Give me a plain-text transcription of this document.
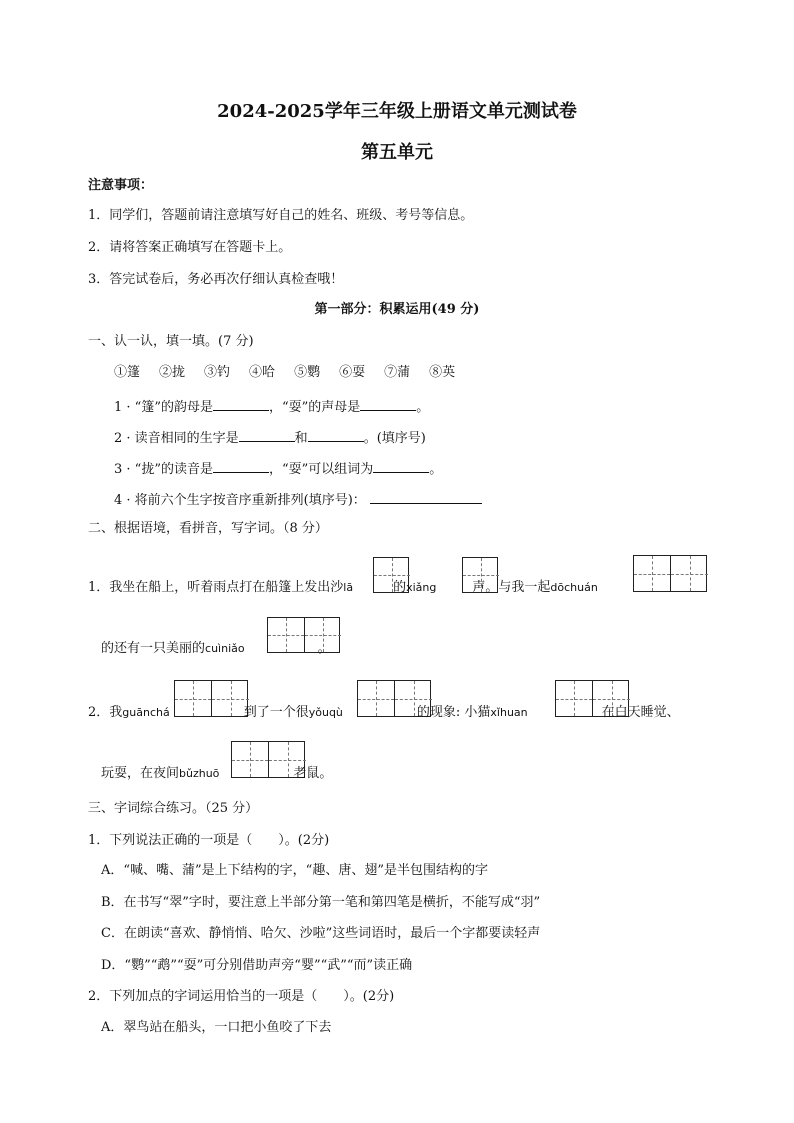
2024-2025学年三年级上册语文单元测试卷
第五单元
注意事项：
1．同学们，答题前请注意填写好自己的姓名、班级、考号等信息。
2．请将答案正确填写在答题卡上。
3．答完试卷后，务必再次仔细认真检查哦！
第一部分：积累运用(49 分)
一、认一认，填一填。(7 分)
①篷 ②拢 ③钓 ④哈 ⑤鹦 ⑥耍 ⑦蒲 ⑧英
1 · “篷”的韵母是	，“耍”的声母是	。
2 · 读音相同的生字是	和	。(填序号)
3 · “拢”的读音是	，“耍”可以组词为	。
4 · 将前六个生字按音序重新排列(填序号)：
二、根据语境，看拼音，写字词。（8 分）
1．我坐在船上，听着雨点打在船篷上发出沙lā	的xiǎng	声。与我一起dōchuán
的还有一只美丽的cuìniǎo	。
2．我guānchá	到了一个很yǒuqù	的现象: 小猫xǐhuan	在白天睡觉、
玩耍，在夜间bǔzhuō	老鼠。
三、字词综合练习。（25 分）
1．下列说法正确的一项是（　　）。(2分)
A．“喊、嘴、蒲”是上下结构的字，“趣、唐、翅”是半包围结构的字
B．在书写“翠”字时，要注意上半部分第一笔和第四笔是横折，不能写成“羽”
C．在朗读“喜欢、静悄悄、哈欠、沙啦”这些词语时，最后一个字都要读轻声
D．“鹦”“鹉”“耍”可分别借助声旁“婴”“武”“而”读正确
2．下列加点的字词运用恰当的一项是（　　）。(2分)
A．翠鸟站在船头，一口把小鱼咬了下去
